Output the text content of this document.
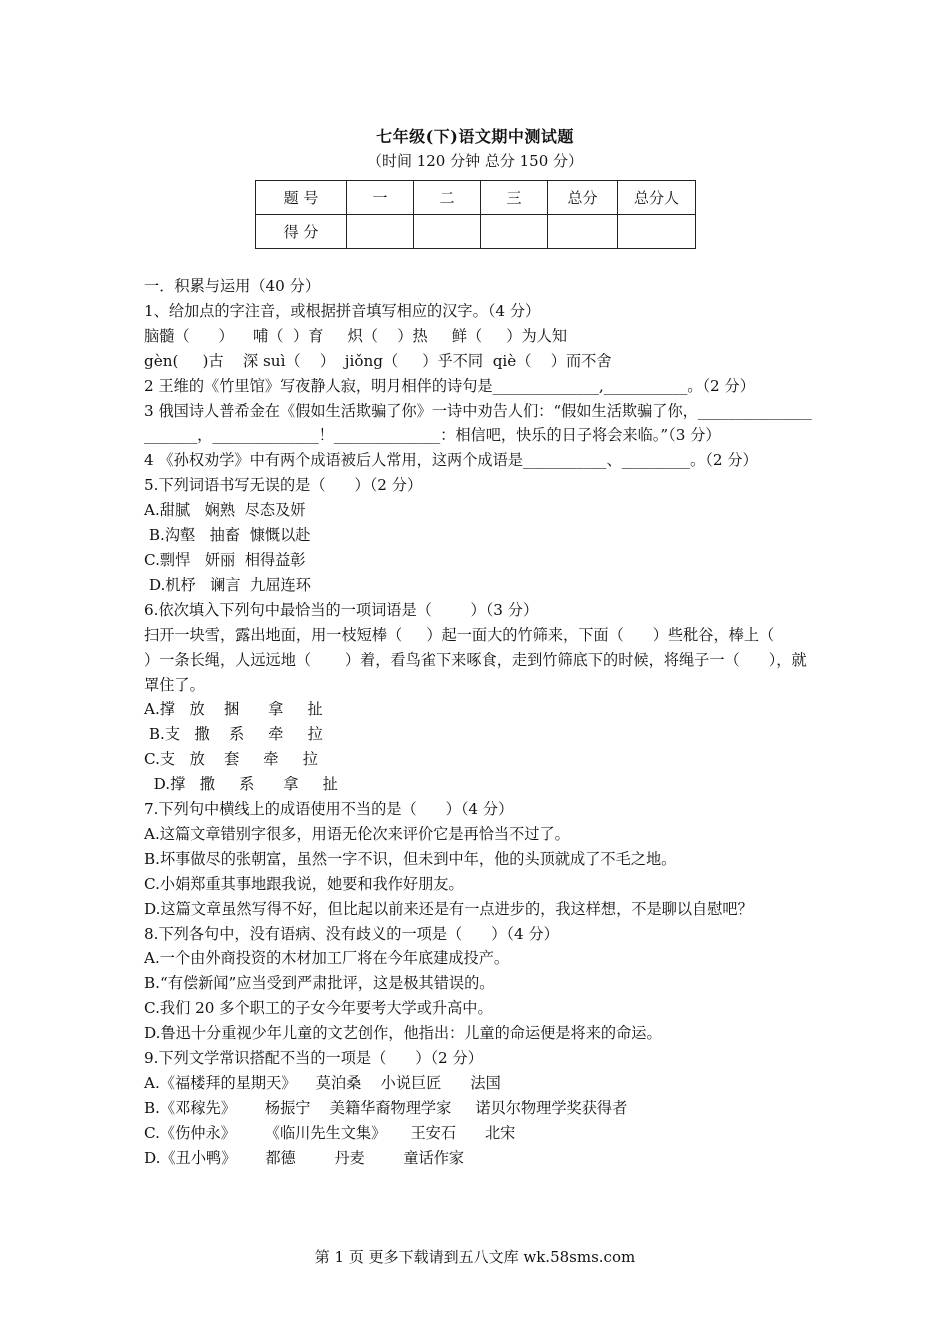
七年级(下)语文期中测试题
（时间 120 分钟 总分 150 分）
题 号	一	二	三	总分	总分人
得 分					
一．积累与运用（40 分）
1、给加点的字注音，或根据拼音填写相应的汉字。（4 分）
脑髓（      ）    哺（  ）育     炽（    ）热     鲜（     ）为人知
gèn(     )古    深 suì（    ）  jiǒng（     ）乎不同  qiè（    ）而不舍
2 王维的《竹里馆》写夜静人寂，明月相伴的诗句是______________,___________。（2 分）
3 俄国诗人普希金在《假如生活欺骗了你》一诗中劝告人们：“假如生活欺骗了你，______________________，______________！______________：相信吧，快乐的日子将会来临。”（3 分）
4 《孙权劝学》中有两个成语被后人常用，这两个成语是___________、_________。（2 分）
5.下列词语书写无误的是（      ）（2 分）
A.甜腻   娴熟  尽态及妍
B.沟壑   抽畜  慷慨以赴
C.剽悍   妍丽  相得益彰
D.机杼   谰言  九屈连环
6.依次填入下列句中最恰当的一项词语是（        ）（3 分）
扫开一块雪，露出地面，用一枝短棒（     ）起一面大的竹筛来，下面（      ）些秕谷，棒上（       ）一条长绳，人远远地（       ）着，看鸟雀下来啄食，走到竹筛底下的时候，将绳子一（      ），就罩住了。
A.撑   放    捆      拿     扯
B.支   撒    系     牵     拉
C.支   放    套     牵     拉
D.撑   撒     系      拿     扯
7.下列句中横线上的成语使用不当的是（      ）（4 分）
A.这篇文章错别字很多，用语无伦次来评价它是再恰当不过了。
B.坏事做尽的张朝富，虽然一字不识，但未到中年，他的头顶就成了不毛之地。
C.小娟郑重其事地跟我说，她要和我作好朋友。
D.这篇文章虽然写得不好，但比起以前来还是有一点进步的，我这样想，不是聊以自慰吧？
8.下列各句中，没有语病、没有歧义的一项是（      ）（4 分）
A.一个由外商投资的木材加工厂将在今年底建成投产。
B.“有偿新闻”应当受到严肃批评，这是极其错误的。
C.我们 20 多个职工的子女今年要考大学或升高中。
D.鲁迅十分重视少年儿童的文艺创作，他指出：儿童的命运便是将来的命运。
9.下列文学常识搭配不当的一项是（      ）（2 分）
A.《福楼拜的星期天》    莫泊桑    小说巨匠      法国
B.《邓稼先》      杨振宁    美籍华裔物理学家     诺贝尔物理学奖获得者
C.《伤仲永》      《临川先生文集》     王安石      北宋
D.《丑小鸭》      都德        丹麦        童话作家
第 1 页 更多下载请到五八文库 wk.58sms.com
